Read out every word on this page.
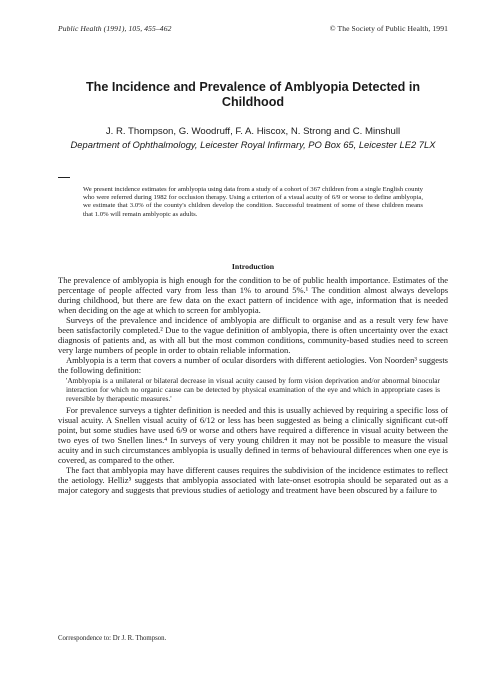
Public Health (1991), 105, 455–462	© The Society of Public Health, 1991
The Incidence and Prevalence of Amblyopia Detected in Childhood
J. R. Thompson, G. Woodruff, F. A. Hiscox, N. Strong and C. Minshull
Department of Ophthalmology, Leicester Royal Infirmary, PO Box 65, Leicester LE2 7LX
We present incidence estimates for amblyopia using data from a study of a cohort of 367 children from a single English county who were referred during 1982 for occlusion therapy. Using a criterion of a visual acuity of 6/9 or worse to define amblyopia, we estimate that 3.0% of the county's children develop the condition. Successful treatment of some of these children means that 1.0% will remain amblyopic as adults.
Introduction

The prevalence of amblyopia is high enough for the condition to be of public health importance. Estimates of the percentage of people affected vary from less than 1% to around 5%.¹ The condition almost always develops during childhood, but there are few data on the exact pattern of incidence with age, information that is needed when deciding on the age at which to screen for amblyopia.

Surveys of the prevalence and incidence of amblyopia are difficult to organise and as a result very few have been satisfactorily completed.² Due to the vague definition of amblyopia, there is often uncertainty over the exact diagnosis of patients and, as with all but the most common conditions, community-based studies need to screen very large numbers of people in order to obtain reliable information.

Amblyopia is a term that covers a number of ocular disorders with different aetiologies. Von Noorden³ suggests the following definition:

'Amblyopia is a unilateral or bilateral decrease in visual acuity caused by form vision deprivation and/or abnormal binocular interaction for which no organic cause can be detected by physical examination of the eye and which in appropriate cases is reversible by therapeutic measures.'

For prevalence surveys a tighter definition is needed and this is usually achieved by requiring a specific loss of visual acuity. A Snellen visual acuity of 6/12 or less has been suggested as being a clinically significant cut-off point, but some studies have used 6/9 or worse and others have required a difference in visual acuity between the two eyes of two Snellen lines.⁴ In surveys of very young children it may not be possible to measure the visual acuity and in such circumstances amblyopia is usually defined in terms of behavioural differences when one eye is covered, as compared to the other.

The fact that amblyopia may have different causes requires the subdivision of the incidence estimates to reflect the aetiology. Helliz⁵ suggests that amblyopia associated with late-onset esotropia should be separated out as a major category and suggests that previous studies of aetiology and treatment have been obscured by a failure to

Correspondence to: Dr J. R. Thompson.
